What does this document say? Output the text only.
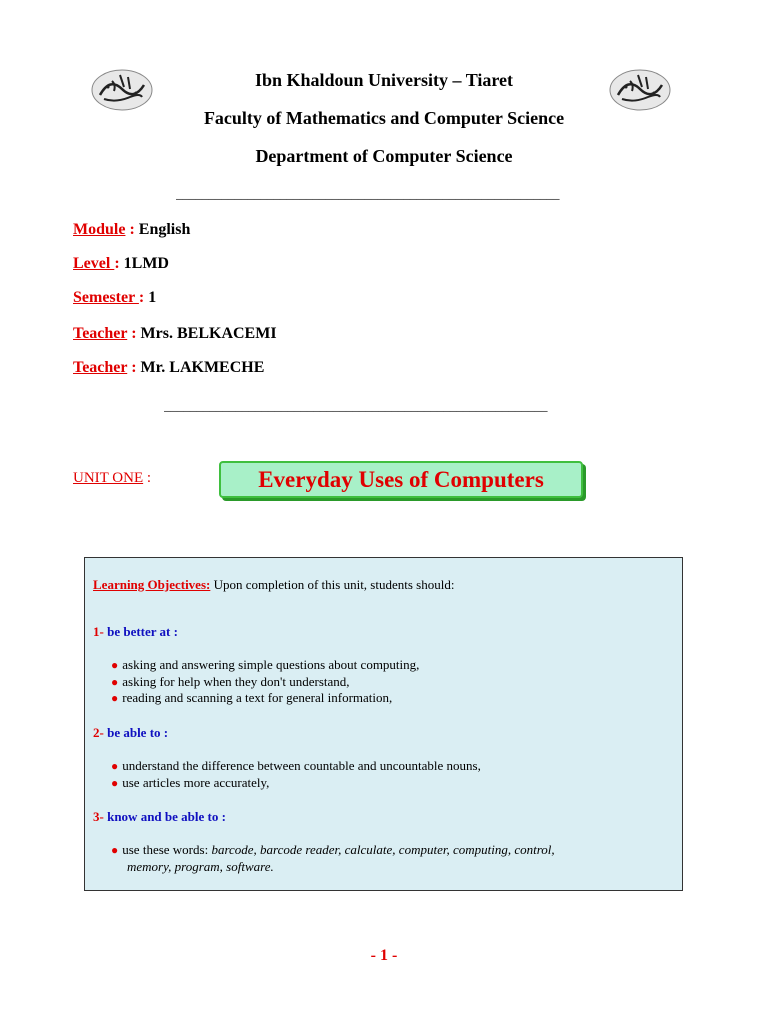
Ibn Khaldoun University – Tiaret
Faculty of Mathematics and Computer Science
Department of Computer Science
___________________________________________________________
Module : English
Level : 1LMD
Semester : 1
Teacher : Mrs. BELKACEMI
Teacher : Mr. LAKMECHE
___________________________________________________________
UNIT ONE :	Everyday Uses of Computers
Learning Objectives: Upon completion of this unit, students should:
1- be better at :
● asking and answering simple questions about computing,
● asking for help when they don't understand,
● reading and scanning a text for general information,
2- be able to :
● understand the difference between countable and uncountable nouns,
● use articles more accurately,
3- know and be able to :
● use these words: barcode, barcode reader, calculate, computer, computing, control,
memory, program, software.
- 1 -
